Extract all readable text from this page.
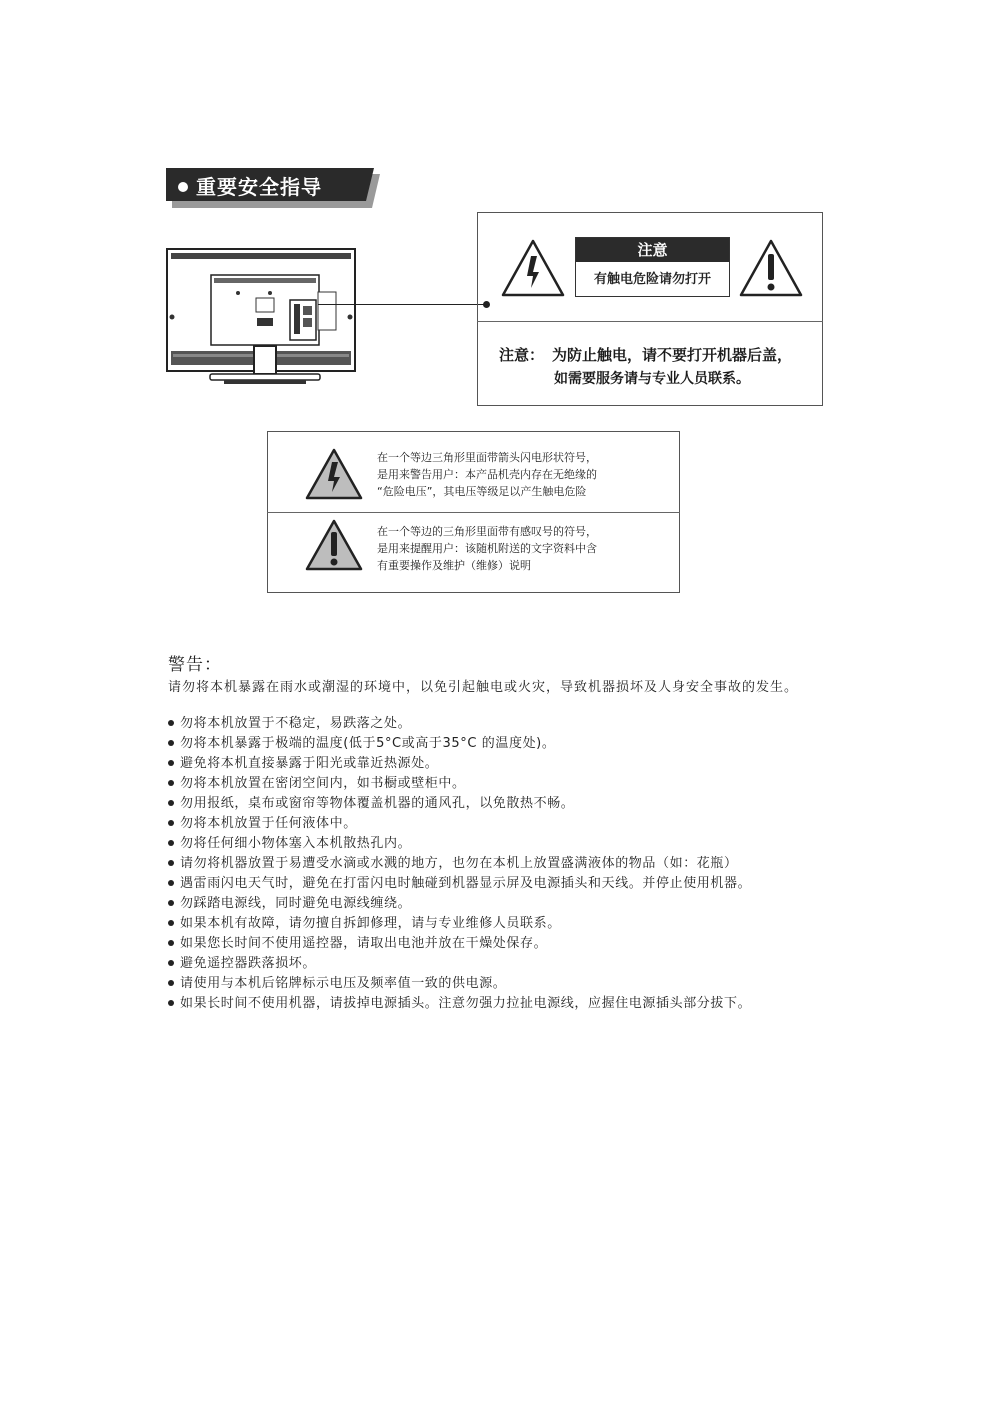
重要安全指导
注意
有触电危险请勿打开
注意： 为防止触电，请不要打开机器后盖，
如需要服务请与专业人员联系。
在一个等边三角形里面带箭头闪电形状符号，
是用来警告用户：本产品机壳内存在无绝缘的
“危险电压”，其电压等级足以产生触电危险
在一个等边的三角形里面带有感叹号的符号，
是用来提醒用户：该随机附送的文字资料中含
有重要操作及维护（维修）说明
警告：
请勿将本机暴露在雨水或潮湿的环境中，以免引起触电或火灾，导致机器损坏及人身安全事故的发生。
勿将本机放置于不稳定，易跌落之处。
勿将本机暴露于极端的温度(低于5°C或高于35°C 的温度处)。
避免将本机直接暴露于阳光或靠近热源处。
勿将本机放置在密闭空间内，如书橱或壁柜中。
勿用报纸，桌布或窗帘等物体覆盖机器的通风孔，以免散热不畅。
勿将本机放置于任何液体中。
勿将任何细小物体塞入本机散热孔内。
请勿将机器放置于易遭受水滴或水溅的地方，也勿在本机上放置盛满液体的物品（如：花瓶）
遇雷雨闪电天气时，避免在打雷闪电时触碰到机器显示屏及电源插头和天线。并停止使用机器。
勿踩踏电源线，同时避免电源线缠绕。
如果本机有故障，请勿擅自拆卸修理，请与专业维修人员联系。
如果您长时间不使用遥控器，请取出电池并放在干燥处保存。
避免遥控器跌落损坏。
请使用与本机后铭牌标示电压及频率值一致的供电源。
如果长时间不使用机器，请拔掉电源插头。注意勿强力拉扯电源线，应握住电源插头部分拔下。
